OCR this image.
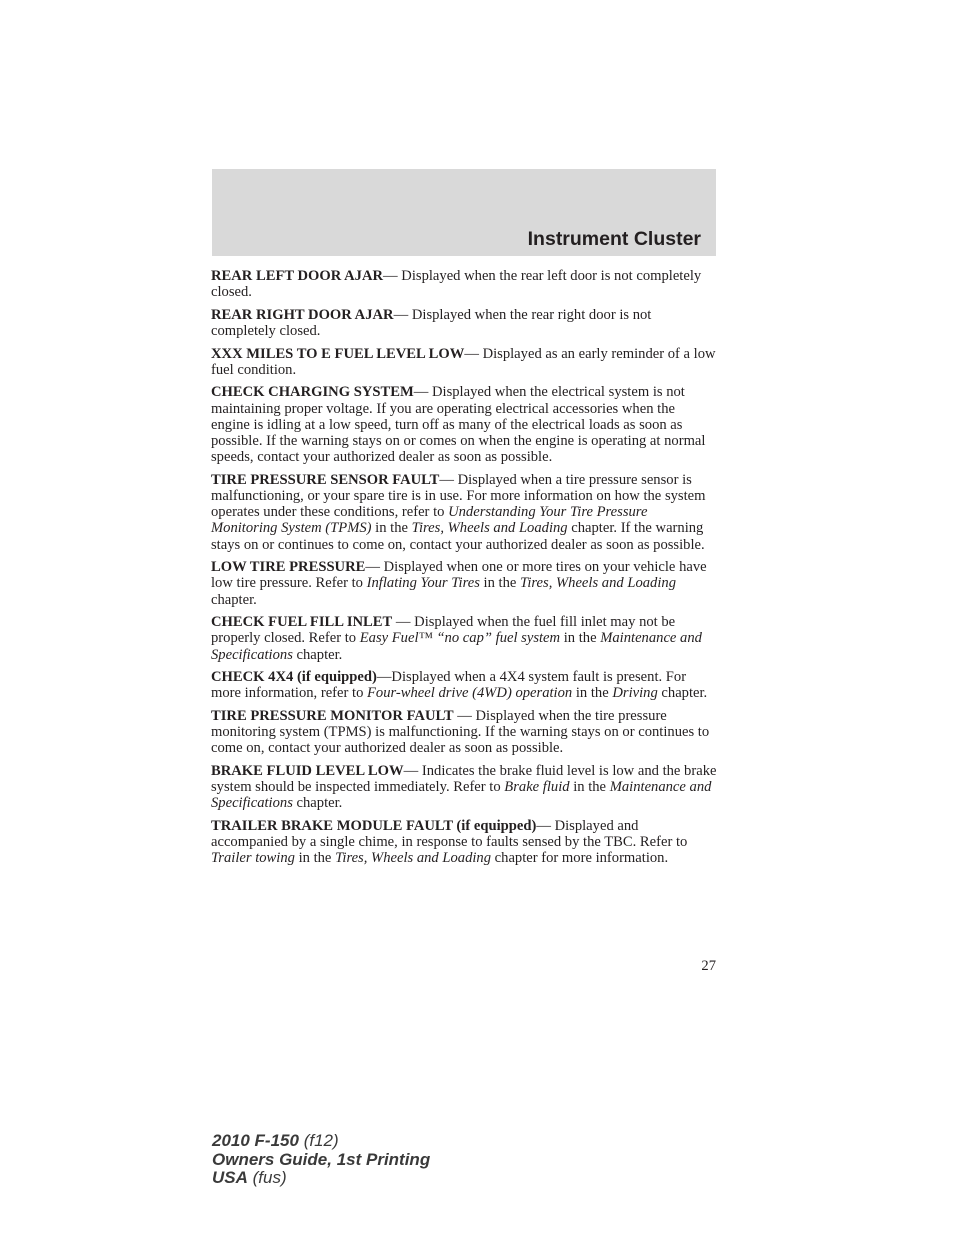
Instrument Cluster

REAR LEFT DOOR AJAR— Displayed when the rear left door is not completely closed.

REAR RIGHT DOOR AJAR— Displayed when the rear right door is not completely closed.

XXX MILES TO E FUEL LEVEL LOW— Displayed as an early reminder of a low fuel condition.

CHECK CHARGING SYSTEM— Displayed when the electrical system is not maintaining proper voltage. If you are operating electrical accessories when the engine is idling at a low speed, turn off as many of the electrical loads as soon as possible. If the warning stays on or comes on when the engine is operating at normal speeds, contact your authorized dealer as soon as possible.

TIRE PRESSURE SENSOR FAULT— Displayed when a tire pressure sensor is malfunctioning, or your spare tire is in use. For more information on how the system operates under these conditions, refer to Understanding Your Tire Pressure Monitoring System (TPMS) in the Tires, Wheels and Loading chapter. If the warning stays on or continues to come on, contact your authorized dealer as soon as possible.

LOW TIRE PRESSURE— Displayed when one or more tires on your vehicle have low tire pressure. Refer to Inflating Your Tires in the Tires, Wheels and Loading chapter.

CHECK FUEL FILL INLET — Displayed when the fuel fill inlet may not be properly closed. Refer to Easy Fuel™ “no cap” fuel system in the Maintenance and Specifications chapter.

CHECK 4X4 (if equipped)—Displayed when a 4X4 system fault is present. For more information, refer to Four-wheel drive (4WD) operation in the Driving chapter.

TIRE PRESSURE MONITOR FAULT — Displayed when the tire pressure monitoring system (TPMS) is malfunctioning. If the warning stays on or continues to come on, contact your authorized dealer as soon as possible.

BRAKE FLUID LEVEL LOW— Indicates the brake fluid level is low and the brake system should be inspected immediately. Refer to Brake fluid in the Maintenance and Specifications chapter.

TRAILER BRAKE MODULE FAULT (if equipped)— Displayed and accompanied by a single chime, in response to faults sensed by the TBC. Refer to Trailer towing in the Tires, Wheels and Loading chapter for more information.

27
2010 F-150 (f12)
Owners Guide, 1st Printing
USA (fus)
